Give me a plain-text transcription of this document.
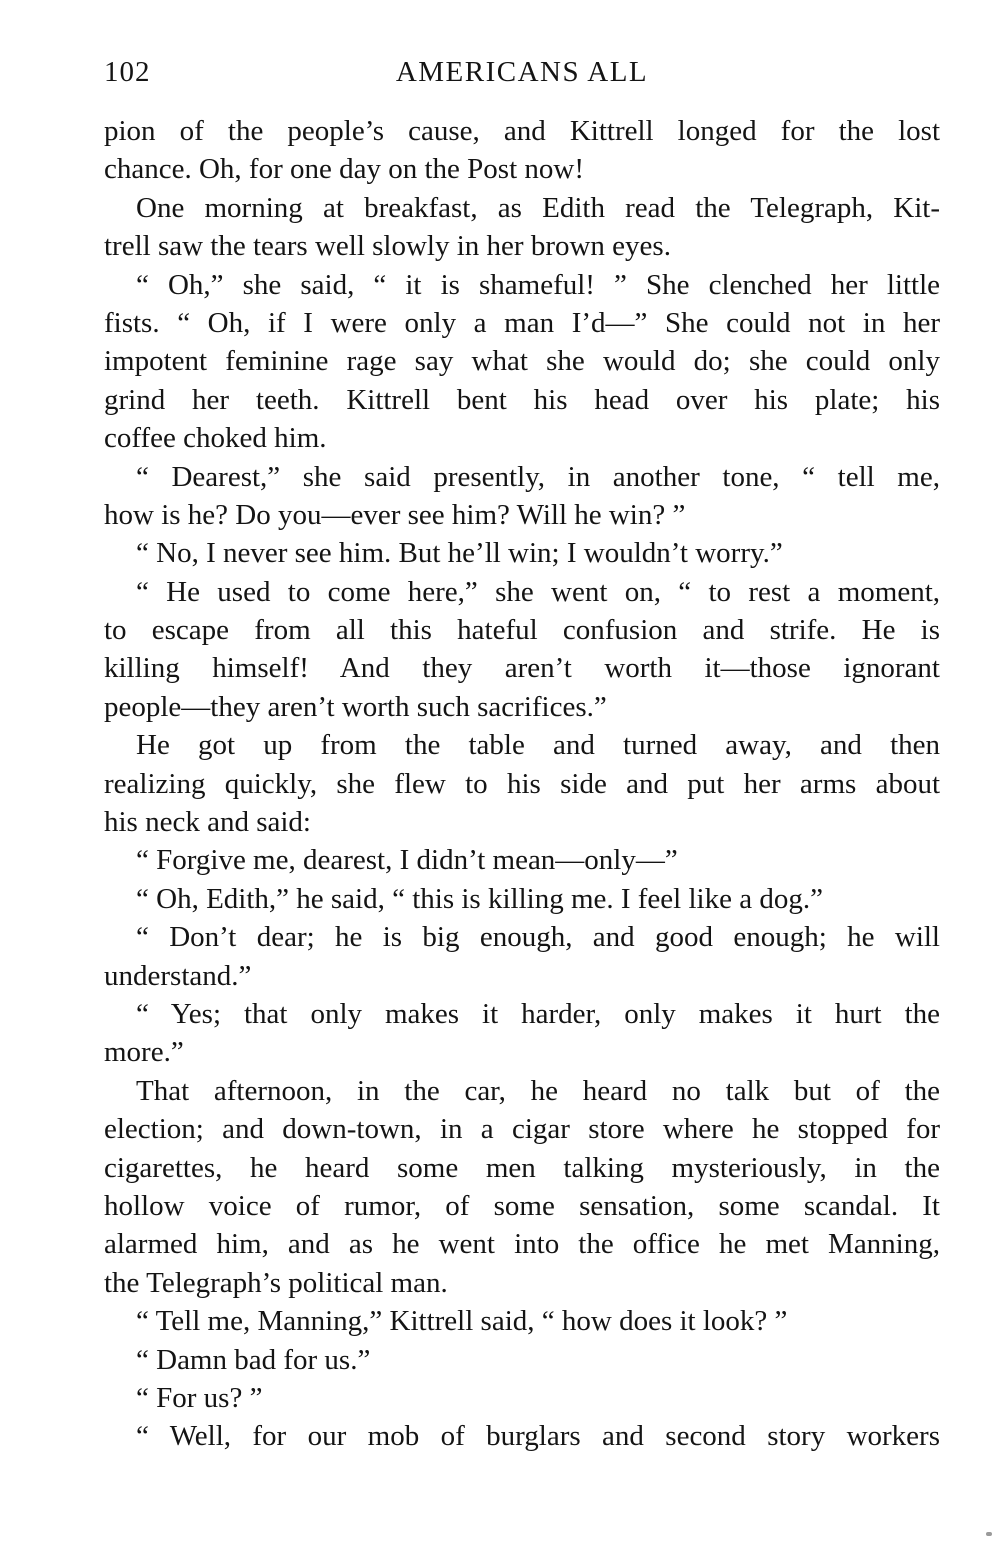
102	AMERICANS ALL
pion of the people’s cause, and Kittrell longed for the lost
chance. Oh, for one day on the Post now!
One morning at breakfast, as Edith read the Telegraph, Kit-
trell saw the tears well slowly in her brown eyes.
“ Oh,” she said, “ it is shameful! ” She clenched her little
fists. “ Oh, if I were only a man I’d—” She could not in her
impotent feminine rage say what she would do; she could only
grind her teeth. Kittrell bent his head over his plate; his
coffee choked him.
“ Dearest,” she said presently, in another tone, “ tell me,
how is he? Do you—ever see him? Will he win? ”
“ No, I never see him. But he’ll win; I wouldn’t worry.”
“ He used to come here,” she went on, “ to rest a moment,
to escape from all this hateful confusion and strife. He is
killing himself! And they aren’t worth it—those ignorant
people—they aren’t worth such sacrifices.”
He got up from the table and turned away, and then
realizing quickly, she flew to his side and put her arms about
his neck and said:
“ Forgive me, dearest, I didn’t mean—only—”
“ Oh, Edith,” he said, “ this is killing me. I feel like a dog.”
“ Don’t dear; he is big enough, and good enough; he will
understand.”
“ Yes; that only makes it harder, only makes it hurt the
more.”
That afternoon, in the car, he heard no talk but of the
election; and down-town, in a cigar store where he stopped for
cigarettes, he heard some men talking mysteriously, in the
hollow voice of rumor, of some sensation, some scandal. It
alarmed him, and as he went into the office he met Manning,
the Telegraph’s political man.
“ Tell me, Manning,” Kittrell said, “ how does it look? ”
“ Damn bad for us.”
“ For us? ”
“ Well, for our mob of burglars and second story workers
